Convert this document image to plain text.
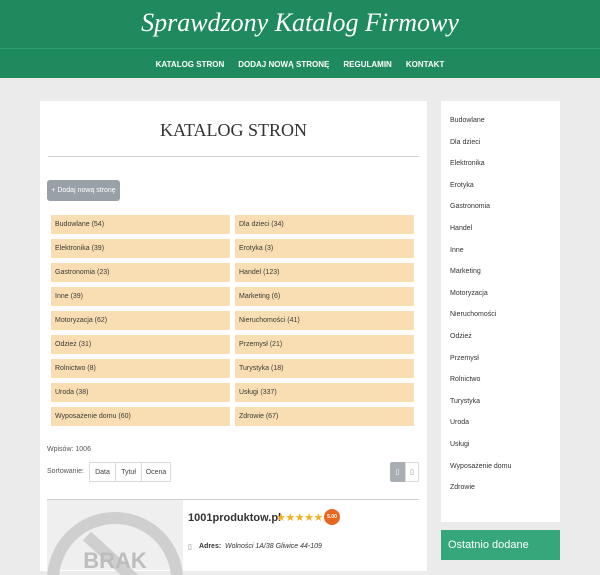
Sprawdzony Katalog Firmowy
KATALOG STRON	DODAJ NOWĄ STRONĘ	REGULAMIN	KONTAKT
KATALOG STRON
+ Dodaj nową stronę
Budowlane (54)	Dla dzieci (34)
Elektronika (39)	Erotyka (3)
Gastronomia (23)	Handel (123)
Inne (39)	Marketing (6)
Motoryzacja (62)	Nieruchomości (41)
Odzież (31)	Przemysł (21)
Rolnictwo (8)	Turystyka (18)
Uroda (38)	Usługi (337)
Wyposażenie domu (60)	Zdrowie (67)
Wpisów: 1006
Sortowanie:	Data	Tytuł	Ocena	▯ ▯
BRAK
1001produktow.pl
★★★★★ 5.00
▯ Adres: Wolności 1A/38 Gliwice 44-109
Budowlane
Dla dzieci
Elektronika
Erotyka
Gastronomia
Handel
Inne
Marketing
Motoryzacja
Nieruchomości
Odzież
Przemysł
Rolnictwo
Turystyka
Uroda
Usługi
Wyposażenie domu
Zdrowie
Ostatnio dodane
